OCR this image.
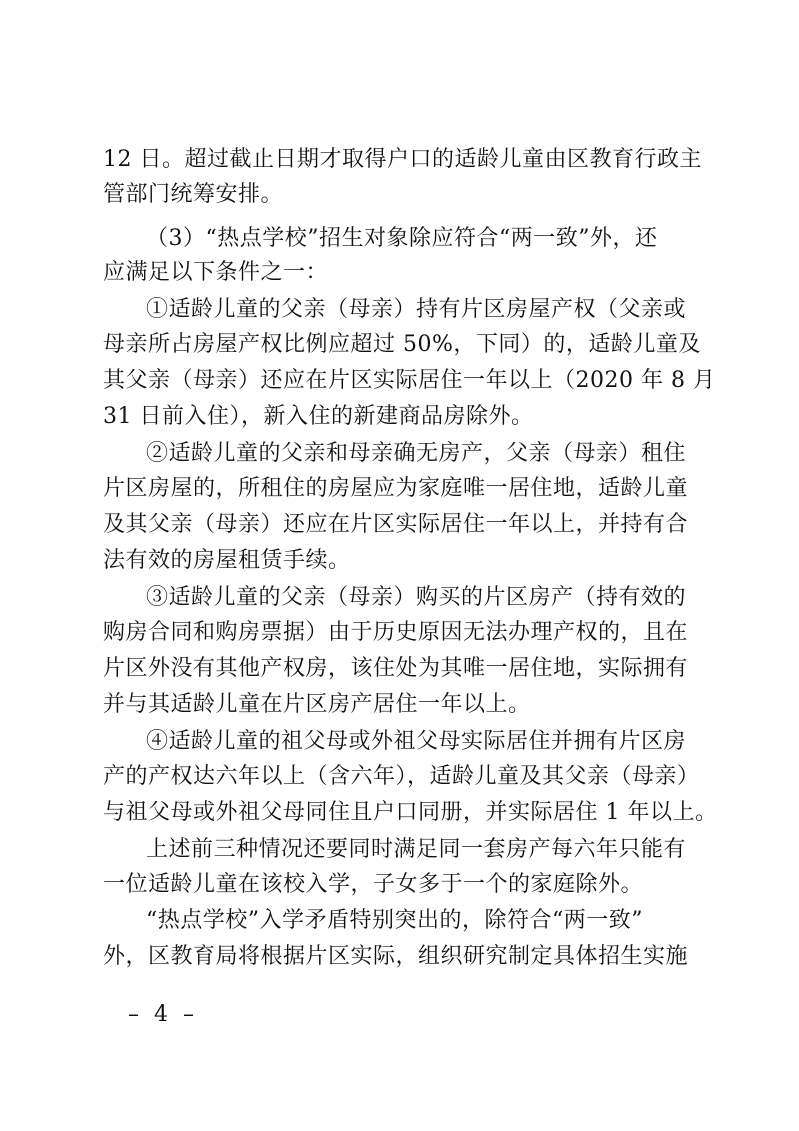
12 日。超过截止日期才取得户口的适龄儿童由区教育行政主
管部门统筹安排。
（3）“热点学校”招生对象除应符合“两一致”外，还
应满足以下条件之一：
①适龄儿童的父亲（母亲）持有片区房屋产权（父亲或
母亲所占房屋产权比例应超过 50%，下同）的，适龄儿童及
其父亲（母亲）还应在片区实际居住一年以上（2020 年 8 月
31 日前入住），新入住的新建商品房除外。
②适龄儿童的父亲和母亲确无房产，父亲（母亲）租住
片区房屋的，所租住的房屋应为家庭唯一居住地，适龄儿童
及其父亲（母亲）还应在片区实际居住一年以上，并持有合
法有效的房屋租赁手续。
③适龄儿童的父亲（母亲）购买的片区房产（持有效的
购房合同和购房票据）由于历史原因无法办理产权的，且在
片区外没有其他产权房，该住处为其唯一居住地，实际拥有
并与其适龄儿童在片区房产居住一年以上。
④适龄儿童的祖父母或外祖父母实际居住并拥有片区房
产的产权达六年以上（含六年），适龄儿童及其父亲（母亲）
与祖父母或外祖父母同住且户口同册，并实际居住 1 年以上。
上述前三种情况还要同时满足同一套房产每六年只能有
一位适龄儿童在该校入学，子女多于一个的家庭除外。
“热点学校”入学矛盾特别突出的，除符合“两一致”
外，区教育局将根据片区实际，组织研究制定具体招生实施
– 4 –
